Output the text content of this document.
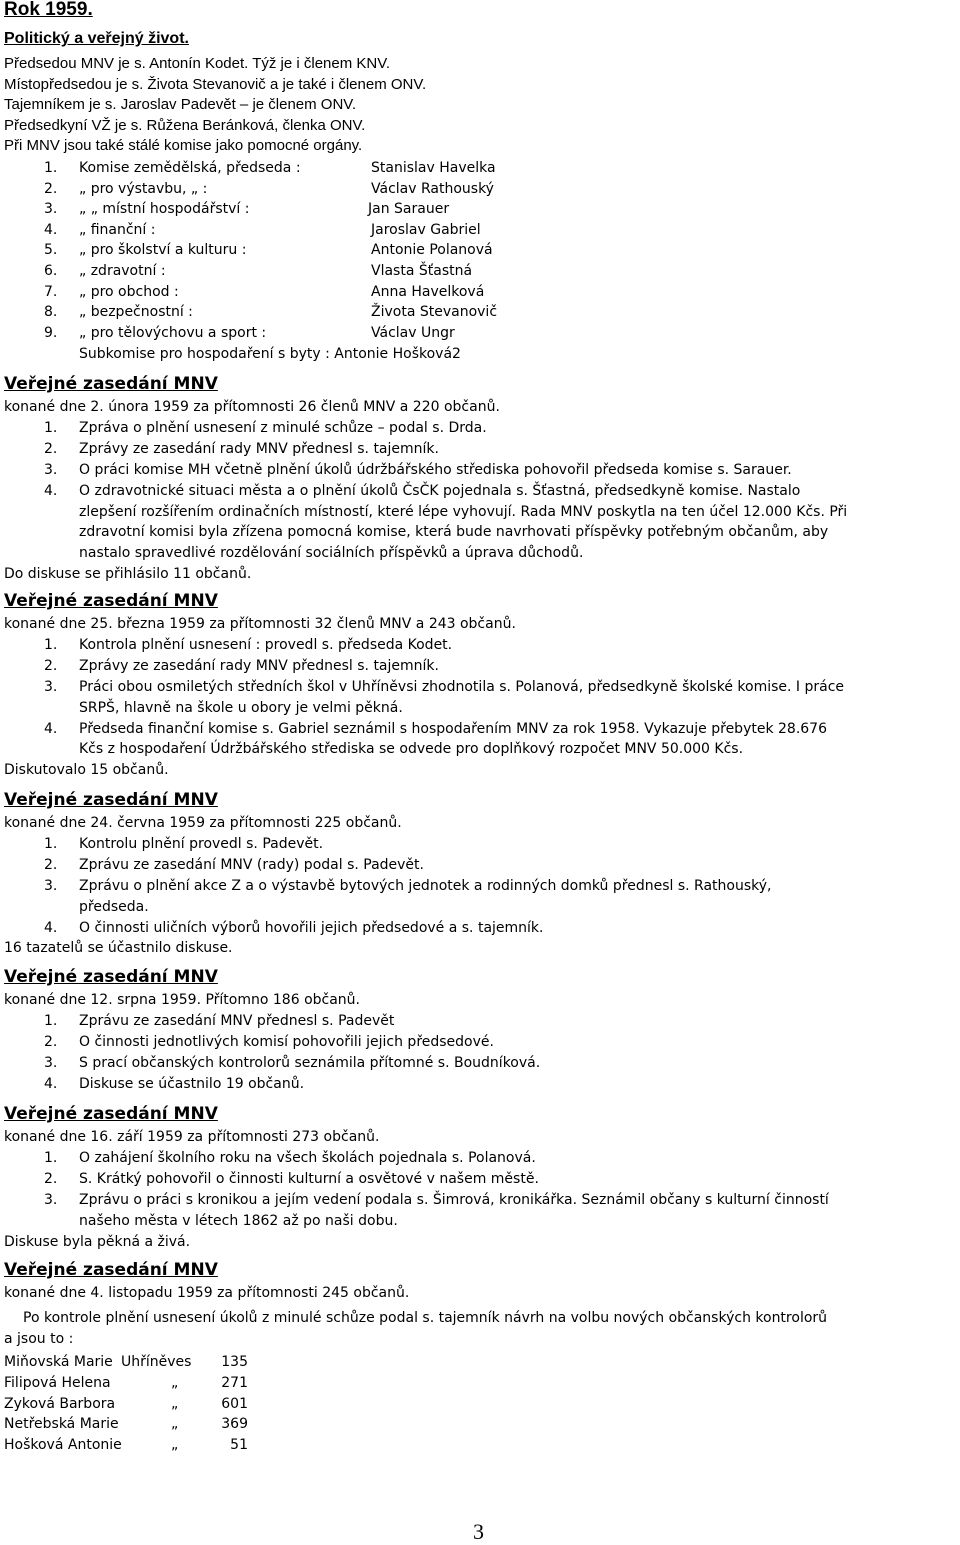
Rok 1959.
Politický a veřejný život.
Předsedou MNV je s. Antonín Kodet. Týž je i členem KNV.
Místopředsedou je s. Života Stevanovič a je také i členem ONV.
Tajemníkem je s. Jaroslav Padevět – je členem ONV.
Předsedkyní VŽ je s. Růžena Beránková, členka ONV.
Při MNV jsou také stálé komise jako pomocné orgány.
1. Komise zemědělská, předseda :	Stanislav Havelka
2. „ pro výstavbu, „ :	Václav Rathouský
3. „ „ místní hospodářství :	Jan Sarauer
4. „ finanční :	Jaroslav Gabriel
5. „ pro školství a kulturu :	Antonie Polanová
6. „ zdravotní :	Vlasta Šťastná
7. „ pro obchod :	Anna Havelková
8. „ bezpečnostní :	Života Stevanovič
9. „ pro tělovýchovu a sport :	Václav Ungr
Subkomise pro hospodaření s byty : Antonie Hošková2
Veřejné zasedání MNV
konané dne 2. února 1959 za přítomnosti 26 členů MNV a 220 občanů.
1. Zpráva o plnění usnesení z minulé schůze – podal s. Drda.
2. Zprávy ze zasedání rady MNV přednesl s. tajemník.
3. O práci komise MH včetně plnění úkolů údržbářského střediska pohovořil předseda komise s. Sarauer.
4. O zdravotnické situaci města a o plnění úkolů ČsČK pojednala s. Šťastná, předsedkyně komise. Nastalo
zlepšení rozšířením ordinačních místností, které lépe vyhovují. Rada MNV poskytla na ten účel 12.000 Kčs. Při
zdravotní komisi byla zřízena pomocná komise, která bude navrhovati příspěvky potřebným občanům, aby
nastalo spravedlivé rozdělování sociálních příspěvků a úprava důchodů.
Do diskuse se přihlásilo 11 občanů.
Veřejné zasedání MNV
konané dne 25. března 1959 za přítomnosti 32 členů MNV a 243 občanů.
1. Kontrola plnění usnesení : provedl s. předseda Kodet.
2. Zprávy ze zasedání rady MNV přednesl s. tajemník.
3. Práci obou osmiletých středních škol v Uhříněvsi zhodnotila s. Polanová, předsedkyně školské komise. I práce
SRPŠ, hlavně na škole u obory je velmi pěkná.
4. Předseda finanční komise s. Gabriel seznámil s hospodařením MNV za rok 1958. Vykazuje přebytek 28.676
Kčs z hospodaření Údržbářského střediska se odvede pro doplňkový rozpočet MNV 50.000 Kčs.
Diskutovalo 15 občanů.
Veřejné zasedání MNV
konané dne 24. června 1959 za přítomnosti 225 občanů.
1. Kontrolu plnění provedl s. Padevět.
2. Zprávu ze zasedání MNV (rady) podal s. Padevět.
3. Zprávu o plnění akce Z a o výstavbě bytových jednotek a rodinných domků přednesl s. Rathouský,
předseda.
4. O činnosti uličních výborů hovořili jejich předsedové a s. tajemník.
16 tazatelů se účastnilo diskuse.
Veřejné zasedání MNV
konané dne 12. srpna 1959. Přítomno 186 občanů.
1. Zprávu ze zasedání MNV přednesl s. Padevět
2. O činnosti jednotlivých komisí pohovořili jejich předsedové.
3. S prací občanských kontrolorů seznámila přítomné s. Boudníková.
4. Diskuse se účastnilo 19 občanů.
Veřejné zasedání MNV
konané dne 16. září 1959 za přítomnosti 273 občanů.
1. O zahájení školního roku na všech školách pojednala s. Polanová.
2. S. Krátký pohovořil o činnosti kulturní a osvětové v našem městě.
3. Zprávu o práci s kronikou a jejím vedení podala s. Šimrová, kronikářka. Seznámil občany s kulturní činností
našeho města v létech 1862 až po naši dobu.
Diskuse byla pěkná a živá.
Veřejné zasedání MNV
konané dne 4. listopadu 1959 za přítomnosti 245 občanů.
Po kontrole plnění usnesení úkolů z minulé schůze podal s. tajemník návrh na volbu nových občanských kontrolorů
a jsou to :
Miňovská Marie Uhříněves 135
Filipová Helena	„	271
Zyková Barbora	„	601
Netřebská Marie	„	369
Hošková Antonie	„	51
3
